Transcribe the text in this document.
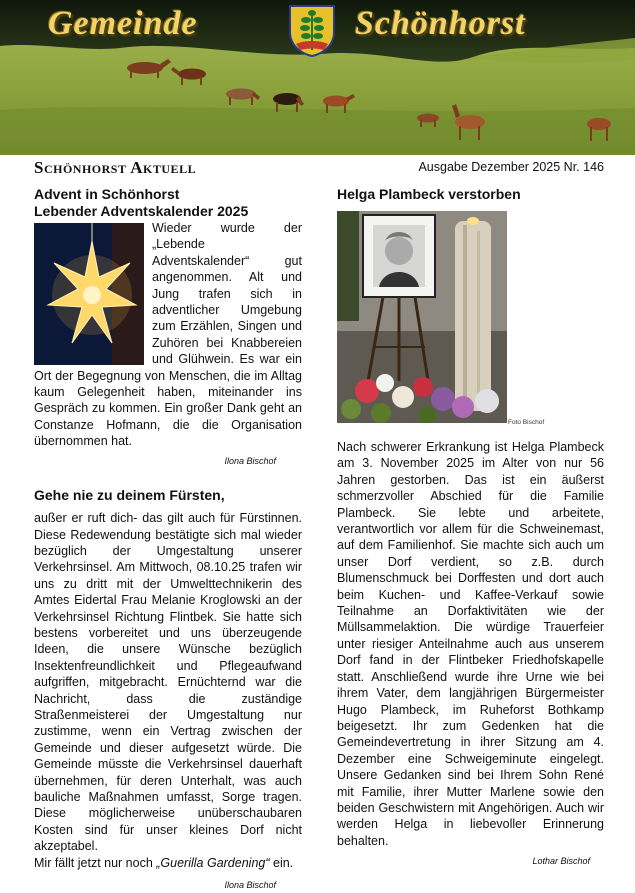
Gemeinde	Schönhorst
Schönhorst Aktuell	Ausgabe Dezember 2025 Nr. 146
Advent in Schönhorst
Lebender Adventskalender 2025

Wieder wurde der „Lebende Adventskalender“ gut angenommen. Alt und Jung trafen sich in adventlicher Umgebung zum Erzählen, Singen und Zuhören bei Knabbereien und Glühwein. Es war ein Ort der Begegnung von Menschen, die im Alltag kaum Gelegenheit haben, miteinander ins Gespräch zu kommen. Ein großer Dank geht an Constanze Hofmann, die die Organisation übernommen hat.

Ilona Bischof

Gehe nie zu deinem Fürsten,

außer er ruft dich- das gilt auch für Fürstinnen. Diese Redewendung bestätigte sich mal wieder bezüglich der Umgestaltung unserer Verkehrsinsel. Am Mittwoch, 08.10.25 trafen wir uns zu dritt mit der Umwelttechnikerin des Amtes Eidertal Frau Melanie Kroglowski an der Verkehrsinsel Richtung Flintbek. Sie hatte sich bestens vorbereitet und uns überzeugende Ideen, die unsere Wünsche bezüglich Insektenfreundlichkeit und Pflegeaufwand aufgriffen, mitgebracht. Ernüchternd war die Nachricht, dass die zuständige Straßenmeisterei der Umgestaltung nur zustimme, wenn ein Vertrag zwischen der Gemeinde und dieser aufgesetzt würde. Die Gemeinde müsste die Verkehrsinsel dauerhaft übernehmen, für deren Unterhalt, was auch bauliche Maßnahmen umfasst, Sorge tragen. Diese möglicherweise unüberschaubaren Kosten sind für unser kleines Dorf nicht akzeptabel.

Mir fällt jetzt nur noch „Guerilla Gardening“ ein.

Ilona Bischof

Helga Plambeck verstorben
Foto Bischof

Nach schwerer Erkrankung ist Helga Plambeck am 3. November 2025 im Alter von nur 56 Jahren gestorben. Das ist ein äußerst schmerzvoller Abschied für die Familie Plambeck. Sie lebte und arbeitete, verantwortlich vor allem für die Schweinemast, auf dem Familienhof. Sie machte sich auch um unser Dorf verdient, so z.B. durch Blumenschmuck bei Dorffesten und dort auch beim Kuchen- und Kaffee-Verkauf sowie Teilnahme an Dorfaktivitäten wie der Müllsammelaktion. Die würdige Trauerfeier unter riesiger Anteilnahme auch aus unserem Dorf fand in der Flintbeker Friedhofskapelle statt. Anschließend wurde ihre Urne wie bei ihrem Vater, dem langjährigen Bürgermeister Hugo Plambeck, im Ruheforst Bothkamp beigesetzt. Ihr zum Gedenken hat die Gemeindevertretung in ihrer Sitzung am 4. Dezember eine Schweigeminute eingelegt. Unsere Gedanken sind bei Ihrem Sohn René mit Familie, ihrer Mutter Marlene sowie den beiden Geschwistern mit Angehörigen. Auch wir werden Helga in liebevoller Erinnerung behalten.

Lothar Bischof
